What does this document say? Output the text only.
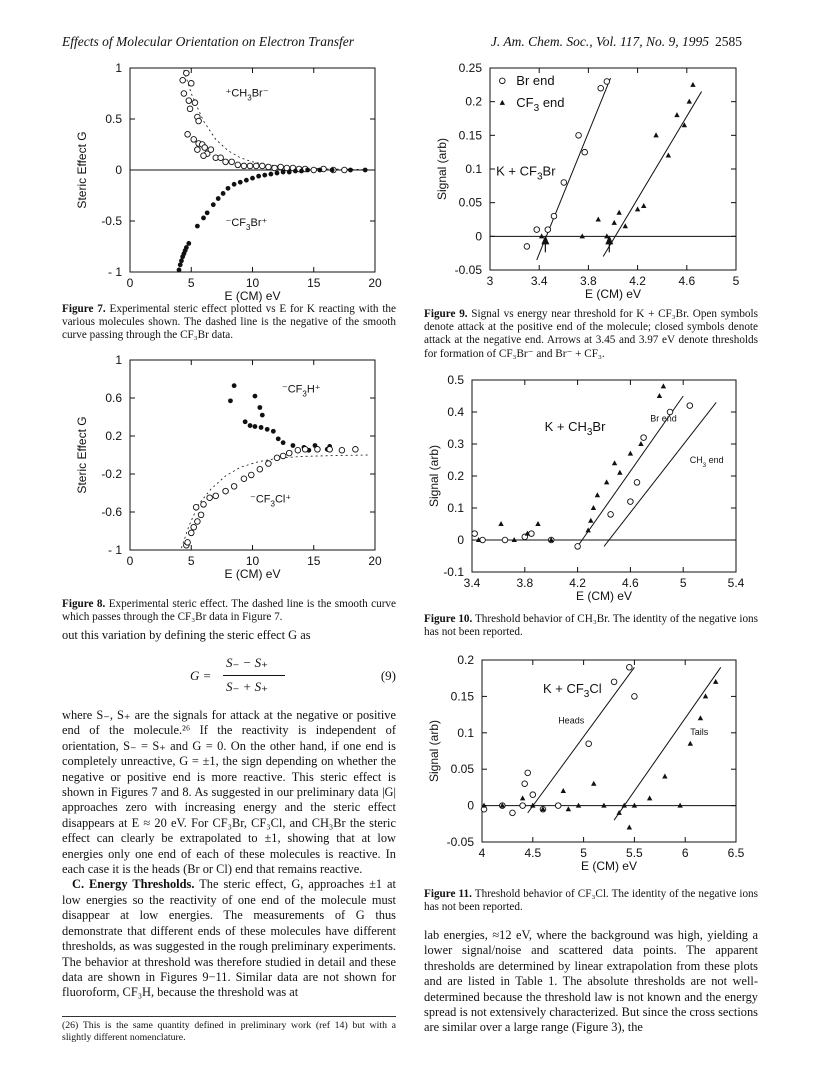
Effects of Molecular Orientation on Electron Transfer	J. Am. Chem. Soc., Vol. 117, No. 9, 1995 2585
0	5	10	15	20
1
0.5
0
-0.5
- 1
E (CM) eV
Steric Effect G
$^+CH_3Br^-$
$^-CF_3Br^+$
Figure 7. Experimental steric effect plotted vs E for K reacting with the various molecules shown. The dashed line is the negative of the smooth curve passing through the CF₃Br data.
0	5	10	15	20
1
0.6
0.2
-0.2
-0.6
- 1
E (CM) eV
Steric Effect G
$^-CF_3H^+$
$^-CF_3Cl^+$
Figure 8. Experimental steric effect. The dashed line is the smooth curve which passes through the CF₃Br data in Figure 7.

out this variation by defining the steric effect G as

G =
S₋ − S₊
S₋ + S₊
(9)

where S₋, S₊ are the signals for attack at the negative or positive end of the molecule.²⁶ If the reactivity is independent of orientation, S₋ = S₊ and G = 0. On the other hand, if one end is completely unreactive, G = ±1, the sign depending on whether the negative or positive end is more reactive. This steric effect is shown in Figures 7 and 8. As suggested in our preliminary data |G| approaches zero with increasing energy and the steric effect disappears at E ≈ 20 eV. For CF₃Br, CF₃Cl, and CH₃Br the steric effect can clearly be extrapolated to ±1, showing that at low energies only one end of each of these molecules is reactive. In each case it is the heads (Br or Cl) end that remains reactive.

C. Energy Thresholds. The steric effect, G, approaches ±1 at low energies so the reactivity of one end of the molecule must disappear at low energies. The measurements of G thus demonstrate that different ends of these molecules have different thresholds, as was suggested in the rough preliminary experiments. The behavior at threshold was therefore studied in detail and these data are shown in Figures 9−11. Similar data are not shown for fluoroform, CF₃H, because the threshold was at

(26) This is the same quantity defined in preliminary work (ref 14) but with a slightly different nomenclature.
3	3.4	3.8	4.2	4.6	5
0.25
0.2
0.15
0.1
0.05
0
-0.05
E (CM) eV
Signal (arb)
Br end
$CF_3$ end
$K + CF_3Br$
Figure 9. Signal vs energy near threshold for K + CF₃Br. Open symbols denote attack at the positive end of the molecule; closed symbols denote attack at the negative end. Arrows at 3.45 and 3.97 eV denote thresholds for formation of CF₃Br⁻ and Br⁻ + CF₃.
3.4	3.8	4.2	4.6	5	5.4
0.5
0.4
0.3
0.2
0.1
0
-0.1
E (CM) eV
Signal (arb)
$K + CH_3Br$
Br end
$CH_3$ end
Figure 10. Threshold behavior of CH₃Br. The identity of the negative ions has not been reported.
4	4.5	5	5.5	6	6.5
0.2
0.15
0.1
0.05
0
-0.05
E (CM) eV
Signal (arb)
$K + CF_3Cl$
Heads
Tails
Figure 11. Threshold behavior of CF₃Cl. The identity of the negative ions has not been reported.

lab energies, ≈12 eV, where the background was high, yielding a lower signal/noise and scattered data points. The apparent thresholds are determined by linear extrapolation from these plots and are listed in Table 1. The absolute thresholds are not well-determined because the threshold law is not known and the energy spread is not extensively characterized. But since the cross sections are similar over a large range (Figure 3), the
